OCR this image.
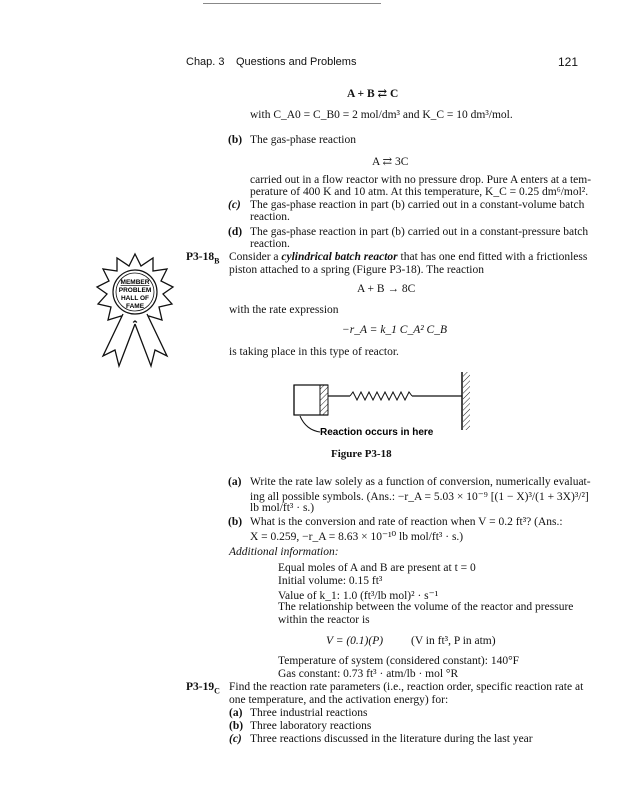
Chap. 3 Questions and Problems	121
A + B ⇄ C
with C_A0 = C_B0 = 2 mol/dm³ and K_C = 10 dm³/mol.
(b) The gas-phase reaction
A ⇄ 3C
carried out in a flow reactor with no pressure drop. Pure A enters at a tem-
perature of 400 K and 10 atm. At this temperature, K_C = 0.25 dm⁶/mol².
(c) The gas-phase reaction in part (b) carried out in a constant-volume batch
reaction.
(d) The gas-phase reaction in part (b) carried out in a constant-pressure batch
reaction.
$P3-18_B$ Consider a cylindrical batch reactor that has one end fitted with a frictionless
piston attached to a spring (Figure P3-18). The reaction
A + B → 8C
with the rate expression
−r_A = k_1 C_A² C_B
is taking place in this type of reactor.
MEMBER
PROBLEM
HALL OF
FAME
Reaction occurs in here
Figure P3-18
(a) Write the rate law solely as a function of conversion, numerically evaluat-
ing all possible symbols. (Ans.: −r_A = 5.03 × 10⁻⁹ [(1 − X)³/(1 + 3X)³/²]
lb mol/ft³ · s.)
(b) What is the conversion and rate of reaction when V = 0.2 ft³? (Ans.:
X = 0.259, −r_A = 8.63 × 10⁻¹⁰ lb mol/ft³ · s.)
Additional information:
Equal moles of A and B are present at t = 0
Initial volume: 0.15 ft³
Value of k_1: 1.0 (ft³/lb mol)² · s⁻¹
The relationship between the volume of the reactor and pressure
within the reactor is
V = (0.1)(P) (V in ft³, P in atm)
Temperature of system (considered constant): 140°F
Gas constant: 0.73 ft³ · atm/lb · mol °R
$P3-19_C$ Find the reaction rate parameters (i.e., reaction order, specific reaction rate at
one temperature, and the activation energy) for:
(a) Three industrial reactions
(b) Three laboratory reactions
(c) Three reactions discussed in the literature during the last year
